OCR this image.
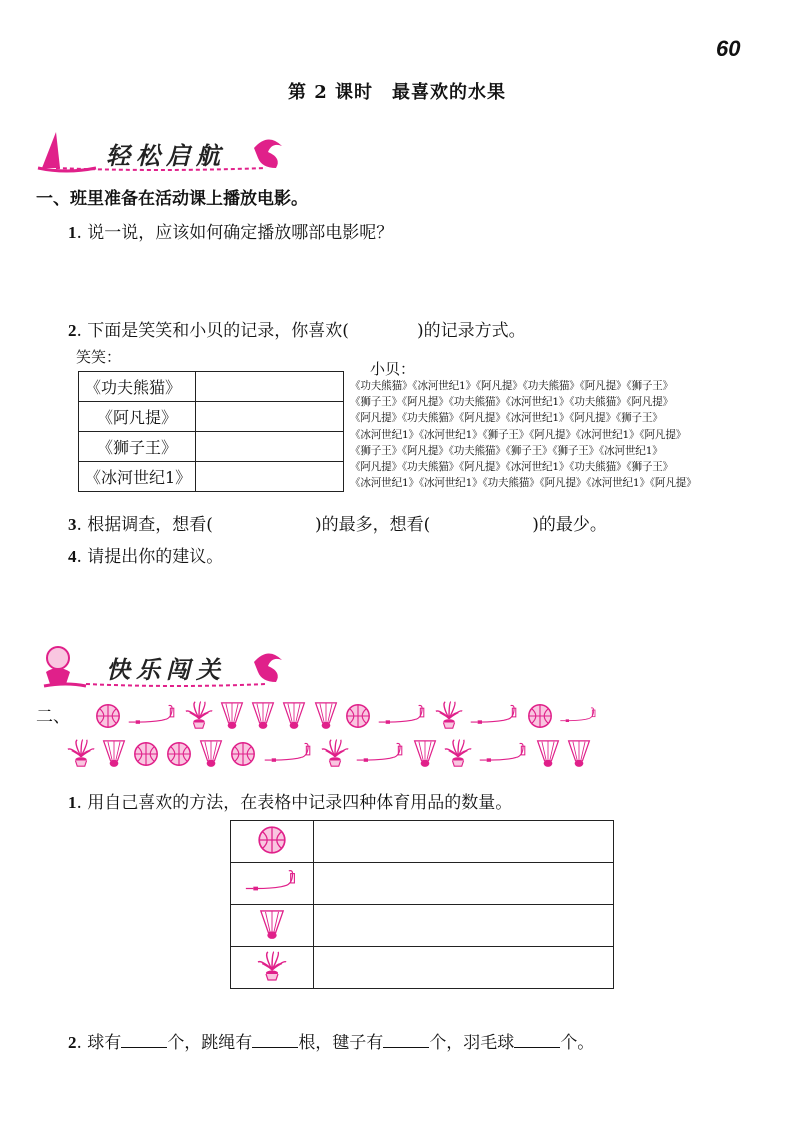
60
第 2 课时　最喜欢的水果
轻松启航
一、班里准备在活动课上播放电影。
1. 说一说，应该如何确定播放哪部电影呢？
2. 下面是笑笑和小贝的记录，你喜欢(　　　　)的记录方式。
笑笑：
《功夫熊猫》	
《阿凡提》	
《狮子王》	
《冰河世纪1》	
小贝：
《功夫熊猫》《冰河世纪1》《阿凡提》《功夫熊猫》《阿凡提》《狮子王》
《狮子王》《阿凡提》《功夫熊猫》《冰河世纪1》《功夫熊猫》《阿凡提》
《阿凡提》《功夫熊猫》《阿凡提》《冰河世纪1》《阿凡提》《狮子王》
《冰河世纪1》《冰河世纪1》《狮子王》《阿凡提》《冰河世纪1》《阿凡提》
《狮子王》《阿凡提》《功夫熊猫》《狮子王》《狮子王》《冰河世纪1》
《阿凡提》《功夫熊猫》《阿凡提》《冰河世纪1》《功夫熊猫》《狮子王》
《冰河世纪1》《冰河世纪1》《功夫熊猫》《阿凡提》《冰河世纪1》《阿凡提》
3. 根据调查，想看(　　　　　　)的最多，想看(　　　　　　)的最少。
4. 请提出你的建议。
快乐闯关
二、

1. 用自己喜欢的方法，在表格中记录四种体育用品的数量。

2. 球有	个，跳绳有	根，毽子有	个，羽毛球	个。
